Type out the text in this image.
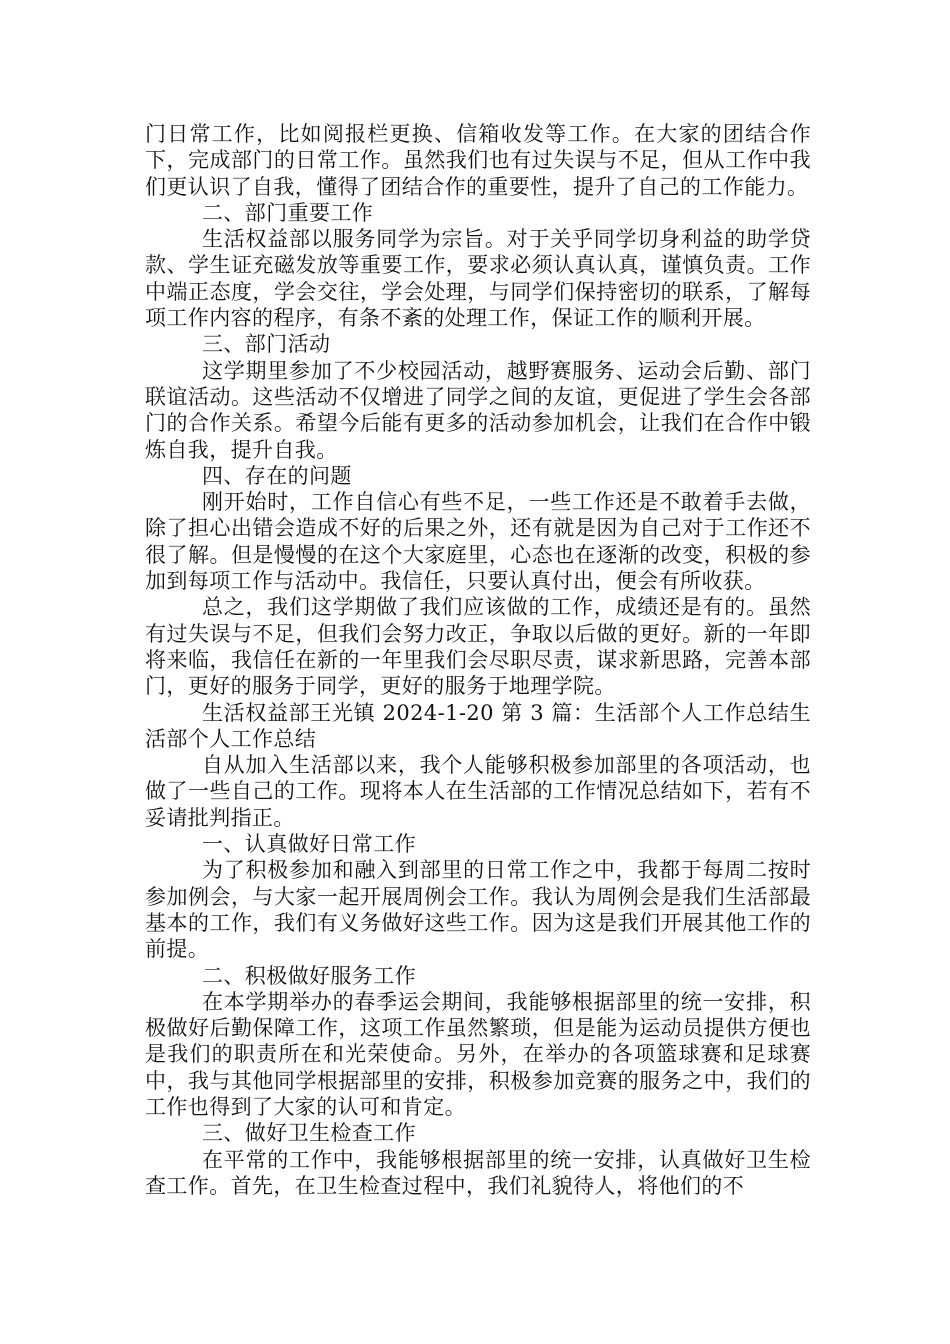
门日常工作，比如阅报栏更换、信箱收发等工作。在大家的团结合作下，完成部门的日常工作。虽然我们也有过失误与不足，但从工作中我们更认识了自我，懂得了团结合作的重要性，提升了自己的工作能力。

二、部门重要工作

生活权益部以服务同学为宗旨。对于关乎同学切身利益的助学贷款、学生证充磁发放等重要工作，要求必须认真认真，谨慎负责。工作中端正态度，学会交往，学会处理，与同学们保持密切的联系，了解每项工作内容的程序，有条不紊的处理工作，保证工作的顺利开展。

三、部门活动

这学期里参加了不少校园活动，越野赛服务、运动会后勤、部门联谊活动。这些活动不仅增进了同学之间的友谊，更促进了学生会各部门的合作关系。希望今后能有更多的活动参加机会，让我们在合作中锻炼自我，提升自我。

四、存在的问题

刚开始时，工作自信心有些不足，一些工作还是不敢着手去做，除了担心出错会造成不好的后果之外，还有就是因为自己对于工作还不很了解。但是慢慢的在这个大家庭里，心态也在逐渐的改变，积极的参加到每项工作与活动中。我信任，只要认真付出，便会有所收获。

总之，我们这学期做了我们应该做的工作，成绩还是有的。虽然有过失误与不足，但我们会努力改正，争取以后做的更好。新的一年即将来临，我信任在新的一年里我们会尽职尽责，谋求新思路，完善本部门，更好的服务于同学，更好的服务于地理学院。

生活权益部王光镇 2024-1-20 第 3 篇：生活部个人工作总结生活部个人工作总结

自从加入生活部以来，我个人能够积极参加部里的各项活动，也做了一些自己的工作。现将本人在生活部的工作情况总结如下，若有不妥请批判指正。

一、认真做好日常工作

为了积极参加和融入到部里的日常工作之中，我都于每周二按时参加例会，与大家一起开展周例会工作。我认为周例会是我们生活部最基本的工作，我们有义务做好这些工作。因为这是我们开展其他工作的前提。

二、积极做好服务工作

在本学期举办的春季运会期间，我能够根据部里的统一安排，积极做好后勤保障工作，这项工作虽然繁琐，但是能为运动员提供方便也是我们的职责所在和光荣使命。另外，在举办的各项篮球赛和足球赛中，我与其他同学根据部里的安排，积极参加竞赛的服务之中，我们的工作也得到了大家的认可和肯定。

三、做好卫生检查工作

在平常的工作中，我能够根据部里的统一安排，认真做好卫生检查工作。首先，在卫生检查过程中，我们礼貌待人，将他们的不
